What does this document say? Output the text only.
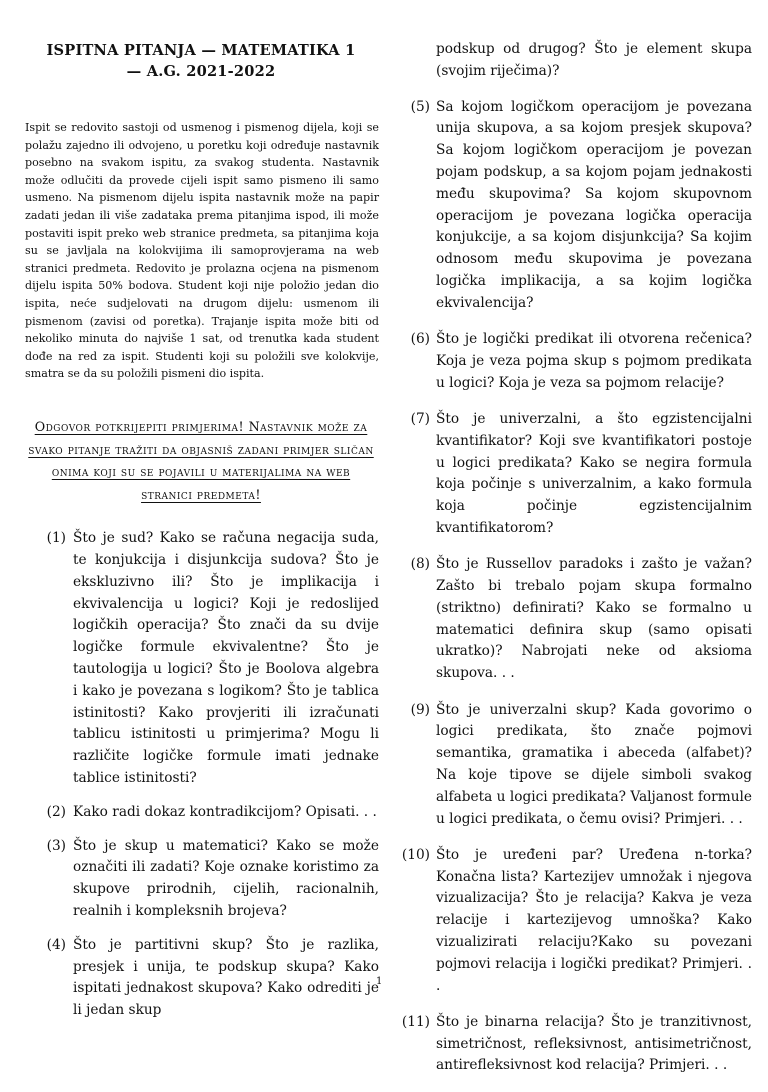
ISPITNA PITANJA — MATEMATIKA 1
— A.G. 2021-2022

Ispit se redovito sastoji od usmenog i pismenog dijela, koji se polažu zajedno ili odvojeno, u poretku koji određuje nastavnik posebno na svakom ispitu, za svakog studenta. Nastavnik može odlučiti da provede cijeli ispit samo pismeno ili samo usmeno. Na pismenom dijelu ispita nastavnik može na papir zadati jedan ili više zadataka prema pitanjima ispod, ili može postaviti ispit preko web stranice predmeta, sa pitanjima koja su se javljala na kolokvijima ili samoprovjerama na web stranici predmeta. Redovito je prolazna ocjena na pismenom dijelu ispita 50% bodova. Student koji nije položio jedan dio ispita, neće sudjelovati na drugom dijelu: usmenom ili pismenom (zavisi od poretka). Trajanje ispita može biti od nekoliko minuta do najviše 1 sat, od trenutka kada student dođe na red za ispit. Studenti koji su položili sve kolokvije, smatra se da su položili pismeni dio ispita.

Odgovor potkrijepiti primjerima! Nastavnik može za svako pitanje tražiti da objasniš zadani primjer sličan onima koji su se pojavili u materijalima na web stranici predmeta!

(1) Što je sud? Kako se računa negacija suda, te konjukcija i disjunkcija sudova? Što je ekskluzivno ili? Što je implikacija i ekvivalencija u logici? Koji je redoslijed logičkih operacija? Što znači da su dvije logičke formule ekvivalentne? Što je tautologija u logici? Što je Boolova algebra i kako je povezana s logikom? Što je tablica istinitosti? Kako provjeriti ili izračunati tablicu istinitosti u primjerima? Mogu li različite logičke formule imati jednake tablice istinitosti?
(2) Kako radi dokaz kontradikcijom? Opisati. . .
(3) Što je skup u matematici? Kako se može označiti ili zadati? Koje oznake koristimo za skupove prirodnih, cijelih, racionalnih, realnih i kompleksnih brojeva?
(4) Što je partitivni skup? Što je razlika, presjek i unija, te podskup skupa? Kako ispitati jednakost skupova? Kako odrediti je li jedan skup

podskup od drugog? Što je element skupa (svojim riječima)?

(5) Sa kojom logičkom operacijom je povezana unija skupova, a sa kojom presjek skupova? Sa kojom logičkom operacijom je povezan pojam podskup, a sa kojom pojam jednakosti među skupovima? Sa kojom skupovnom operacijom je povezana logička operacija konjukcije, a sa kojom disjunkcija? Sa kojim odnosom među skupovima je povezana logička implikacija, a sa kojim logička ekvivalencija?
(6) Što je logički predikat ili otvorena rečenica? Koja je veza pojma skup s pojmom predikata u logici? Koja je veza sa pojmom relacije?
(7) Što je univerzalni, a što egzistencijalni kvantifikator? Koji sve kvantifikatori postoje u logici predikata? Kako se negira formula koja počinje s univerzalnim, a kako formula koja počinje egzistencijalnim kvantifikatorom?
(8) Što je Russellov paradoks i zašto je važan? Zašto bi trebalo pojam skupa formalno (striktno) definirati? Kako se formalno u matematici definira skup (samo opisati ukratko)? Nabrojati neke od aksioma skupova. . .
(9) Što je univerzalni skup? Kada govorimo o logici predikata, što znače pojmovi semantika, gramatika i abeceda (alfabet)? Na koje tipove se dijele simboli svakog alfabeta u logici predikata? Valjanost formule u logici predikata, o čemu ovisi? Primjeri. . .
(10) Što je uređeni par? Uređena n-torka? Konačna lista? Kartezijev umnožak i njegova vizualizacija? Što je relacija? Kakva je veza relacije i kartezijevog umnoška? Kako vizualizirati relaciju?Kako su povezani pojmovi relacija i logički predikat? Primjeri. . .
(11) Što je binarna relacija? Što je tranzitivnost, simetričnost, refleksivnost, antisimetričnost, antirefleksivnost kod relacija? Primjeri. . .
1
